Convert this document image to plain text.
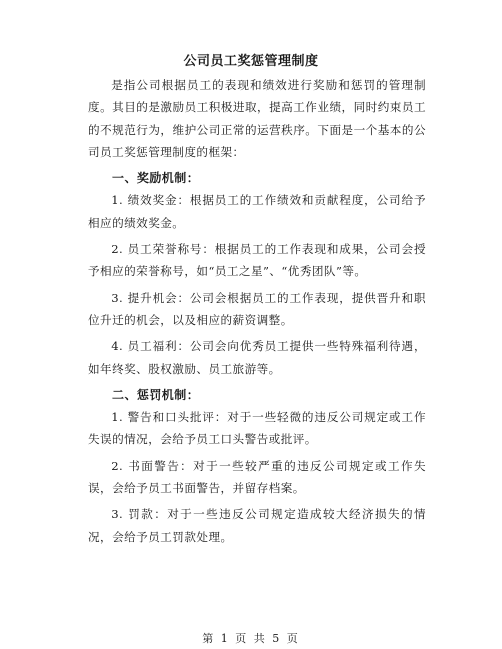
公司员工奖惩管理制度

是指公司根据员工的表现和绩效进行奖励和惩罚的管理制度。其目的是激励员工积极进取，提高工作业绩，同时约束员工的不规范行为，维护公司正常的运营秩序。下面是一个基本的公司员工奖惩管理制度的框架：

一、奖励机制：

1. 绩效奖金：根据员工的工作绩效和贡献程度，公司给予相应的绩效奖金。

2. 员工荣誉称号：根据员工的工作表现和成果，公司会授予相应的荣誉称号，如“员工之星”、“优秀团队”等。

3. 提升机会：公司会根据员工的工作表现，提供晋升和职位升迁的机会，以及相应的薪资调整。

4. 员工福利：公司会向优秀员工提供一些特殊福利待遇，如年终奖、股权激励、员工旅游等。

二、惩罚机制：

1. 警告和口头批评：对于一些轻微的违反公司规定或工作失误的情况，会给予员工口头警告或批评。

2. 书面警告：对于一些较严重的违反公司规定或工作失误，会给予员工书面警告，并留存档案。

3. 罚款：对于一些违反公司规定造成较大经济损失的情况，会给予员工罚款处理。

第 1 页 共 5 页
